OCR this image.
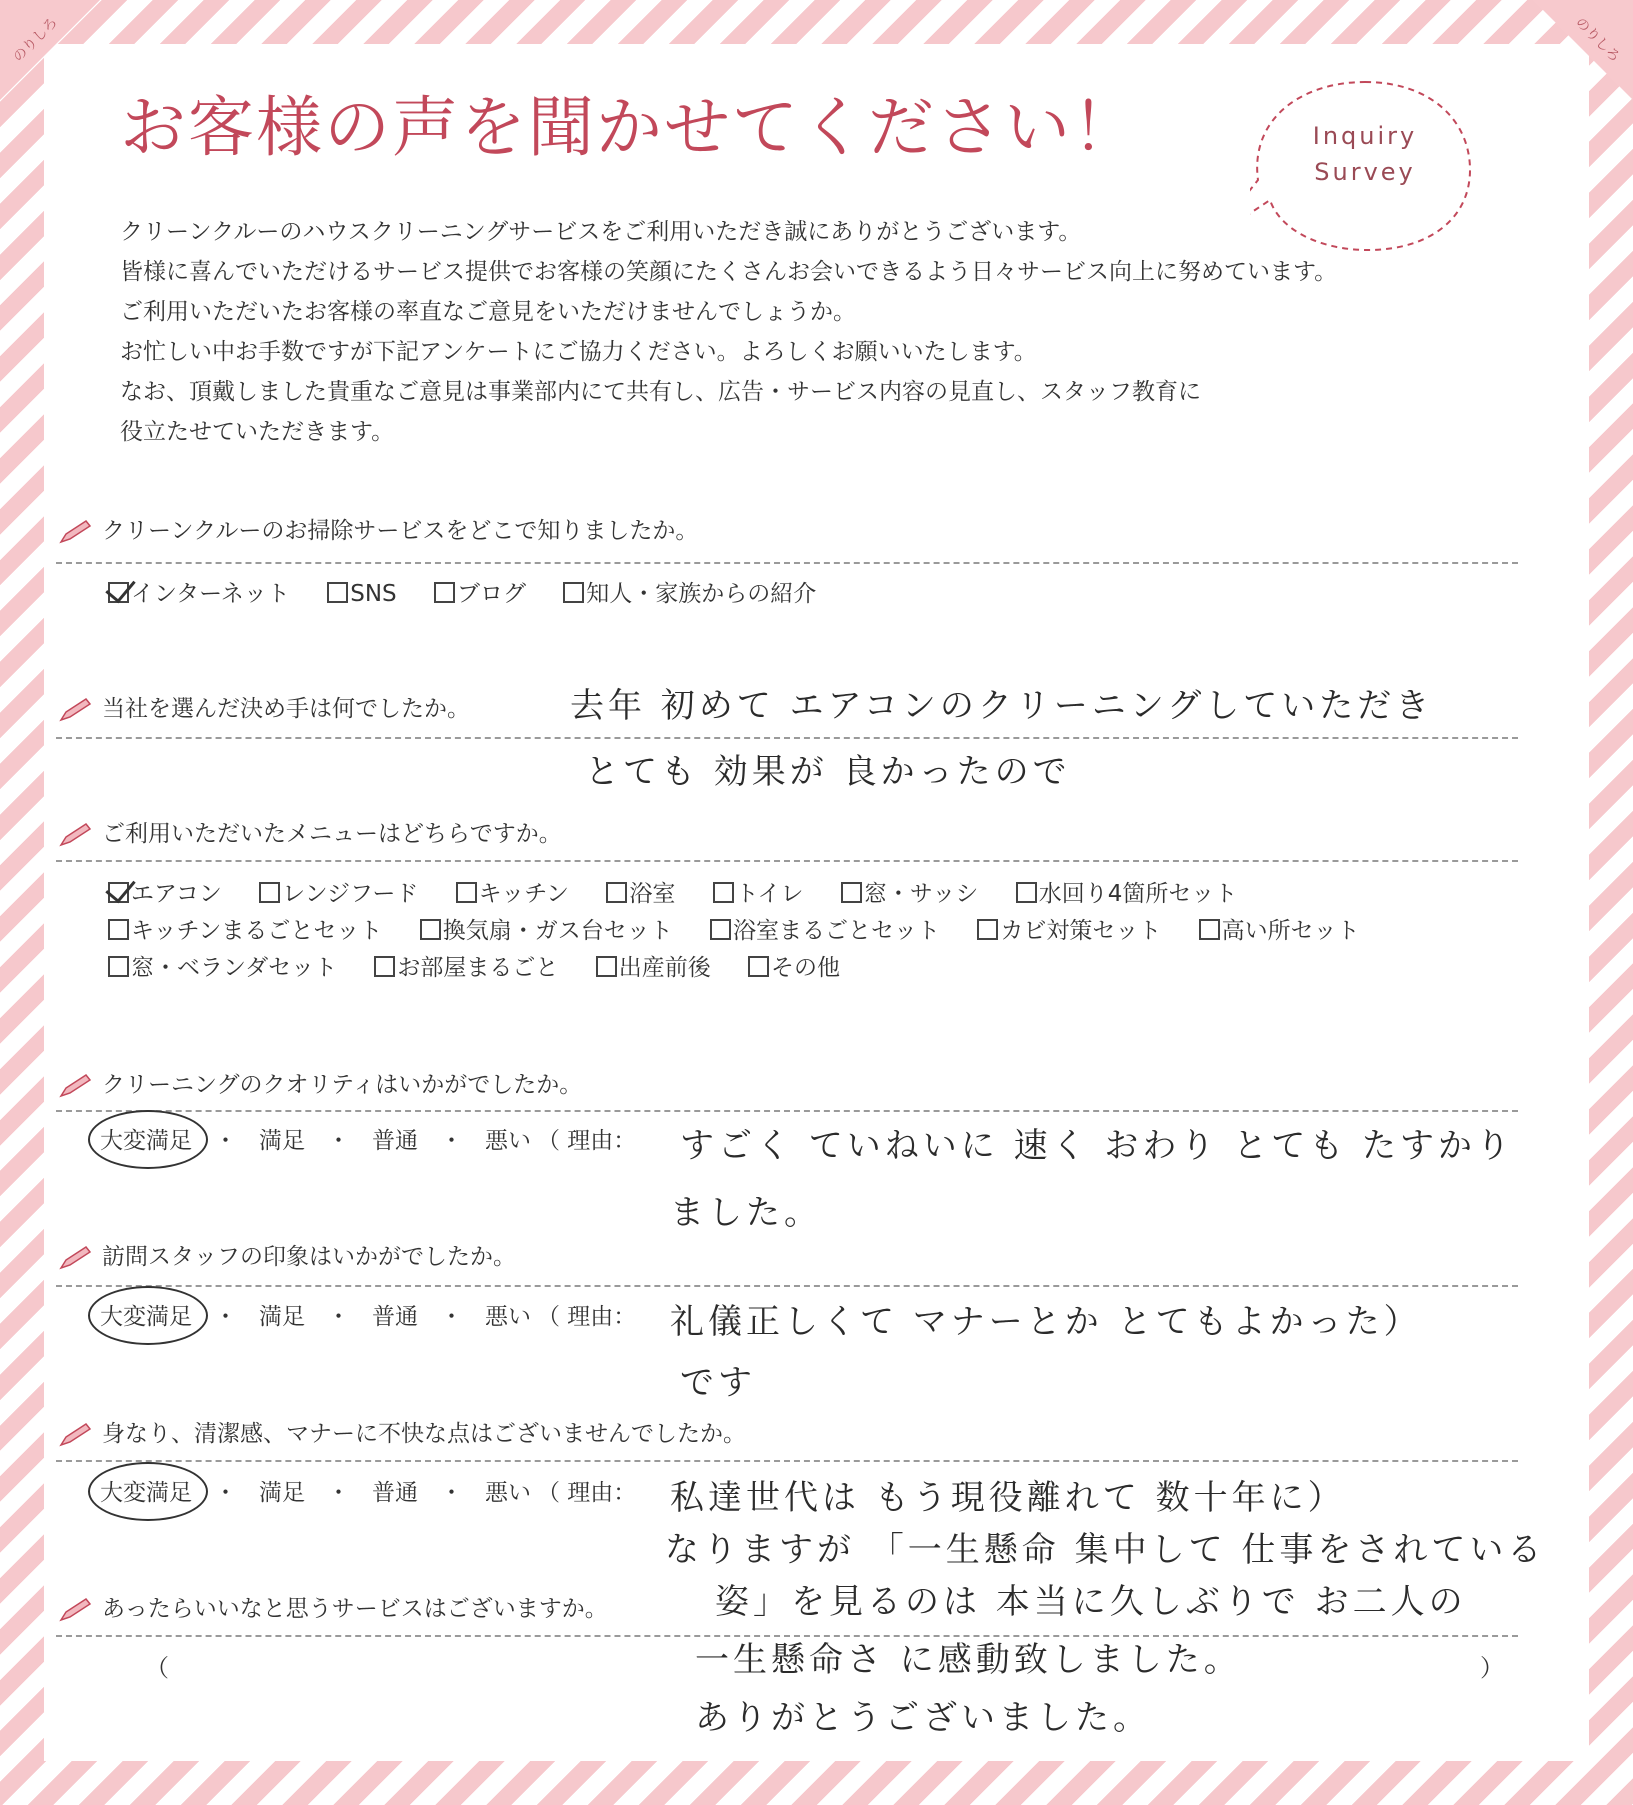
のりしろ	のりしろ
お客様の声を聞かせてください！	Inquiry
Survey

クリーンクルーのハウスクリーニングサービスをご利用いただき誠にありがとうございます。

皆様に喜んでいただけるサービス提供でお客様の笑顔にたくさんお会いできるよう日々サービス向上に努めています。

ご利用いただいたお客様の率直なご意見をいただけませんでしょうか。

お忙しい中お手数ですが下記アンケートにご協力ください。よろしくお願いいたします。

なお、頂戴しました貴重なご意見は事業部内にて共有し、広告・サービス内容の見直し、スタッフ教育に

役立たせていただきます。

クリーンクルーのお掃除サービスをどこで知りましたか。
インターネット	SNS	ブログ	知人・家族からの紹介
当社を選んだ決め手は何でしたか。	去年 初めて エアコンのクリーニングしていただき
とても 効果が 良かったので
ご利用いただいたメニューはどちらですか。
エアコン	レンジフード	キッチン	浴室	トイレ	窓・サッシ	水回り4箇所セット
キッチンまるごとセット	換気扇・ガス台セット	浴室まるごとセット	カビ対策セット	高い所セット
窓・ベランダセット	お部屋まるごと	出産前後	その他
クリーニングのクオリティはいかがでしたか。
大変満足 ・ 満足 ・ 普通 ・ 悪い （ 理由： すごく ていねいに 速く おわり とても たすかり
ました。
訪問スタッフの印象はいかがでしたか。
大変満足 ・ 満足 ・ 普通 ・ 悪い （ 理由： 礼儀正しくて マナーとか とてもよかった）
です
身なり、清潔感、マナーに不快な点はございませんでしたか。
大変満足 ・ 満足 ・ 普通 ・ 悪い （ 理由： 私達世代は もう現役離れて 数十年に）
なりますが 「一生懸命 集中して 仕事をされている
姿」を見るのは 本当に久しぶりで お二人の
あったらいいなと思うサービスはございますか。
一生懸命さ に感動致しました。
（	）
ありがとうございました。
